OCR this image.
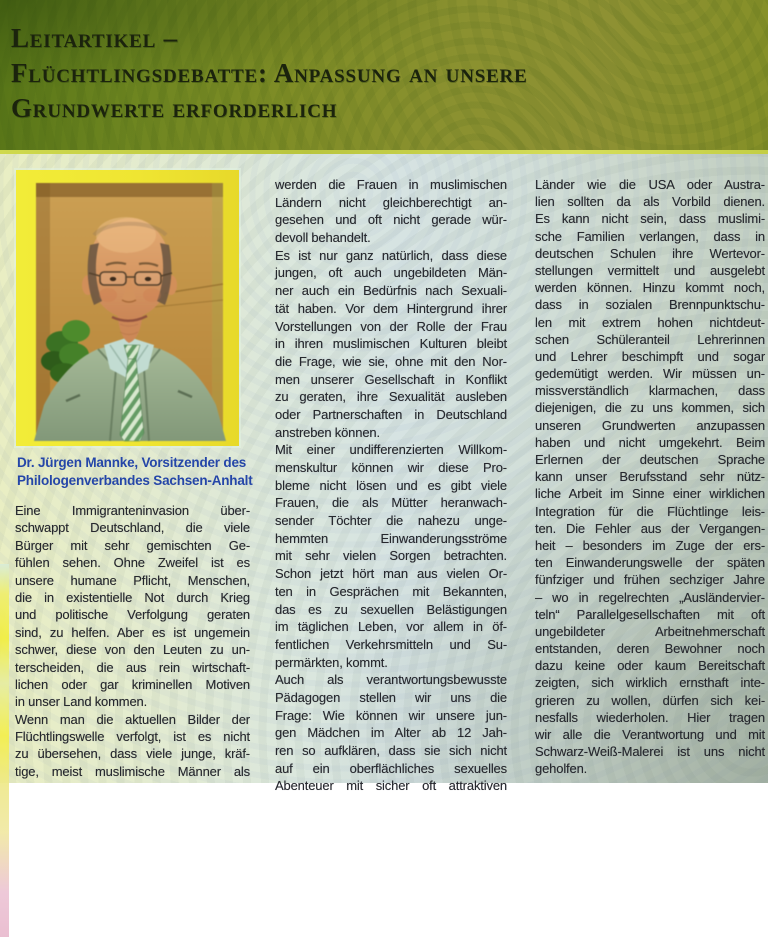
Leitartikel –
Flüchtlingsdebatte: Anpassung an unsere
Grundwerte erforderlich
Dr. Jürgen Mannke, Vorsitzender des
Philologenverbandes Sachsen-Anhalt
Eine Immigranteninvasion über-
schwappt Deutschland, die viele
Bürger mit sehr gemischten Ge-
fühlen sehen. Ohne Zweifel ist es
unsere humane Pflicht, Menschen,
die in existentielle Not durch Krieg
und politische Verfolgung geraten
sind, zu helfen. Aber es ist ungemein
schwer, diese von den Leuten zu un-
terscheiden, die aus rein wirtschaft-
lichen oder gar kriminellen Motiven
in unser Land kommen.
Wenn man die aktuellen Bilder der
Flüchtlingswelle verfolgt, ist es nicht
zu übersehen, dass viele junge, kräf-
tige, meist muslimische Männer als
werden die Frauen in muslimischen
Ländern nicht gleichberechtigt an-
gesehen und oft nicht gerade wür-
devoll behandelt.
Es ist nur ganz natürlich, dass diese
jungen, oft auch ungebildeten Män-
ner auch ein Bedürfnis nach Sexuali-
tät haben. Vor dem Hintergrund ihrer
Vorstellungen von der Rolle der Frau
in ihren muslimischen Kulturen bleibt
die Frage, wie sie, ohne mit den Nor-
men unserer Gesellschaft in Konflikt
zu geraten, ihre Sexualität ausleben
oder Partnerschaften in Deutschland
anstreben können.
Mit einer undifferenzierten Willkom-
menskultur können wir diese Pro-
bleme nicht lösen und es gibt viele
Frauen, die als Mütter heranwach-
sender Töchter die nahezu unge-
hemmten Einwanderungsströme
mit sehr vielen Sorgen betrachten.
Schon jetzt hört man aus vielen Or-
ten in Gesprächen mit Bekannten,
das es zu sexuellen Belästigungen
im täglichen Leben, vor allem in öf-
fentlichen Verkehrsmitteln und Su-
permärkten, kommt.
Auch als verantwortungsbewusste
Pädagogen stellen wir uns die
Frage: Wie können wir unsere jun-
gen Mädchen im Alter ab 12 Jah-
ren so aufklären, dass sie sich nicht
auf ein oberflächliches sexuelles
Abenteuer mit sicher oft attraktiven
Länder wie die USA oder Austra-
lien sollten da als Vorbild dienen.
Es kann nicht sein, dass muslimi-
sche Familien verlangen, dass in
deutschen Schulen ihre Wertevor-
stellungen vermittelt und ausgelebt
werden können. Hinzu kommt noch,
dass in sozialen Brennpunktschu-
len mit extrem hohen nichtdeut-
schen Schüleranteil Lehrerinnen
und Lehrer beschimpft und sogar
gedemütigt werden. Wir müssen un-
missverständlich klarmachen, dass
diejenigen, die zu uns kommen, sich
unseren Grundwerten anzupassen
haben und nicht umgekehrt. Beim
Erlernen der deutschen Sprache
kann unser Berufsstand sehr nütz-
liche Arbeit im Sinne einer wirklichen
Integration für die Flüchtlinge leis-
ten. Die Fehler aus der Vergangen-
heit – besonders im Zuge der ers-
ten Einwanderungswelle der späten
fünfziger und frühen sechziger Jahre
– wo in regelrechten „Ausländervier-
teln“ Parallelgesellschaften mit oft
ungebildeter Arbeitnehmerschaft
entstanden, deren Bewohner noch
dazu keine oder kaum Bereitschaft
zeigten, sich wirklich ernsthaft inte-
grieren zu wollen, dürfen sich kei-
nesfalls wiederholen. Hier tragen
wir alle die Verantwortung und mit
Schwarz-Weiß-Malerei ist uns nicht
geholfen.
